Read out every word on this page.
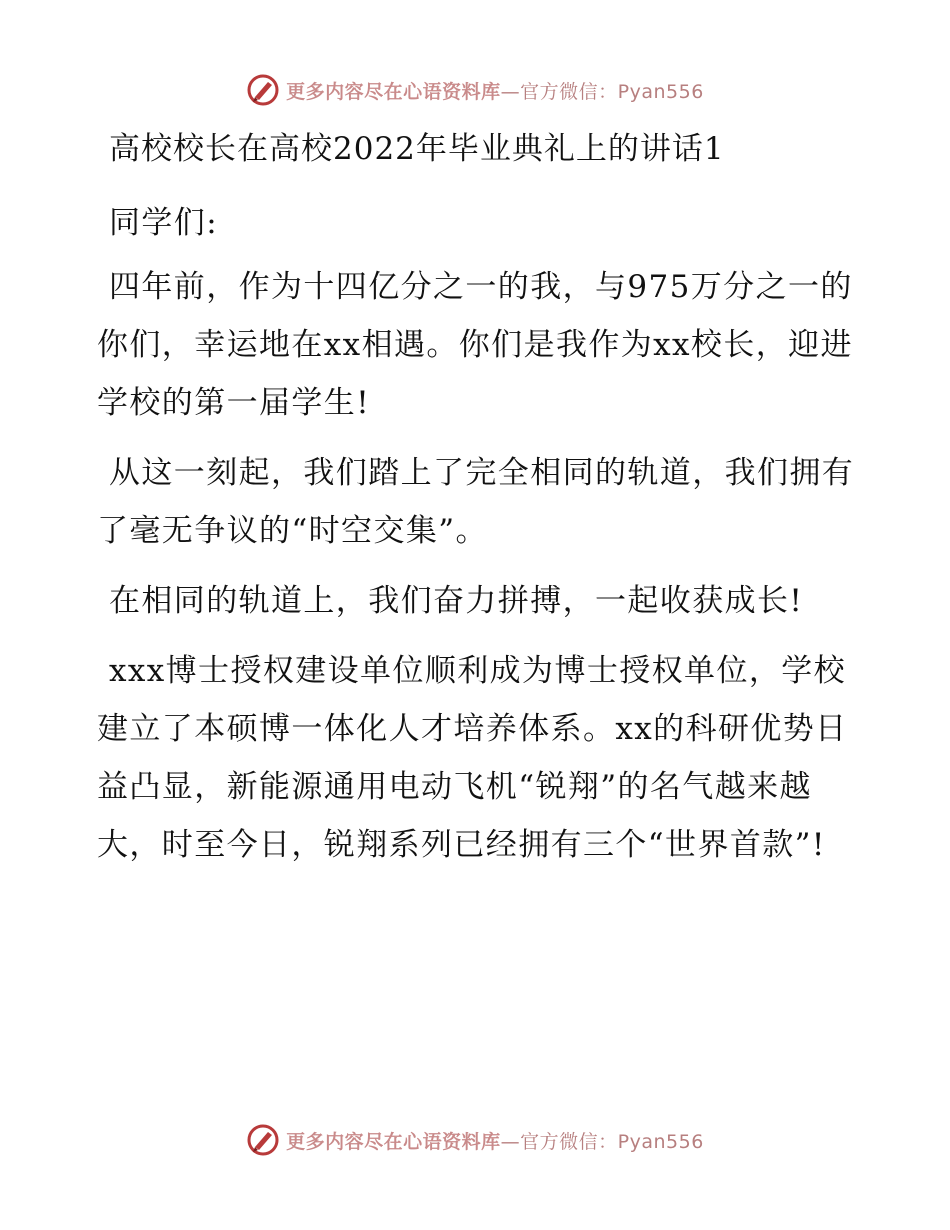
更多内容尽在心语资料库 —官方微信：Pyan556
高校校长在高校2022年毕业典礼上的讲话1

同学们:

四年前，作为十四亿分之一的我，与975万分之一的你们，幸运地在xx相遇。你们是我作为xx校长，迎进学校的第一届学生!

从这一刻起，我们踏上了完全相同的轨道，我们拥有了毫无争议的“时空交集”。

在相同的轨道上，我们奋力拼搏，一起收获成长!

xxx博士授权建设单位顺利成为博士授权单位，学校建立了本硕博一体化人才培养体系。xx的科研优势日益凸显，新能源通用电动飞机“锐翔”的名气越来越大，时至今日，锐翔系列已经拥有三个“世界首款”!

更多内容尽在心语资料库 —官方微信：Pyan556
